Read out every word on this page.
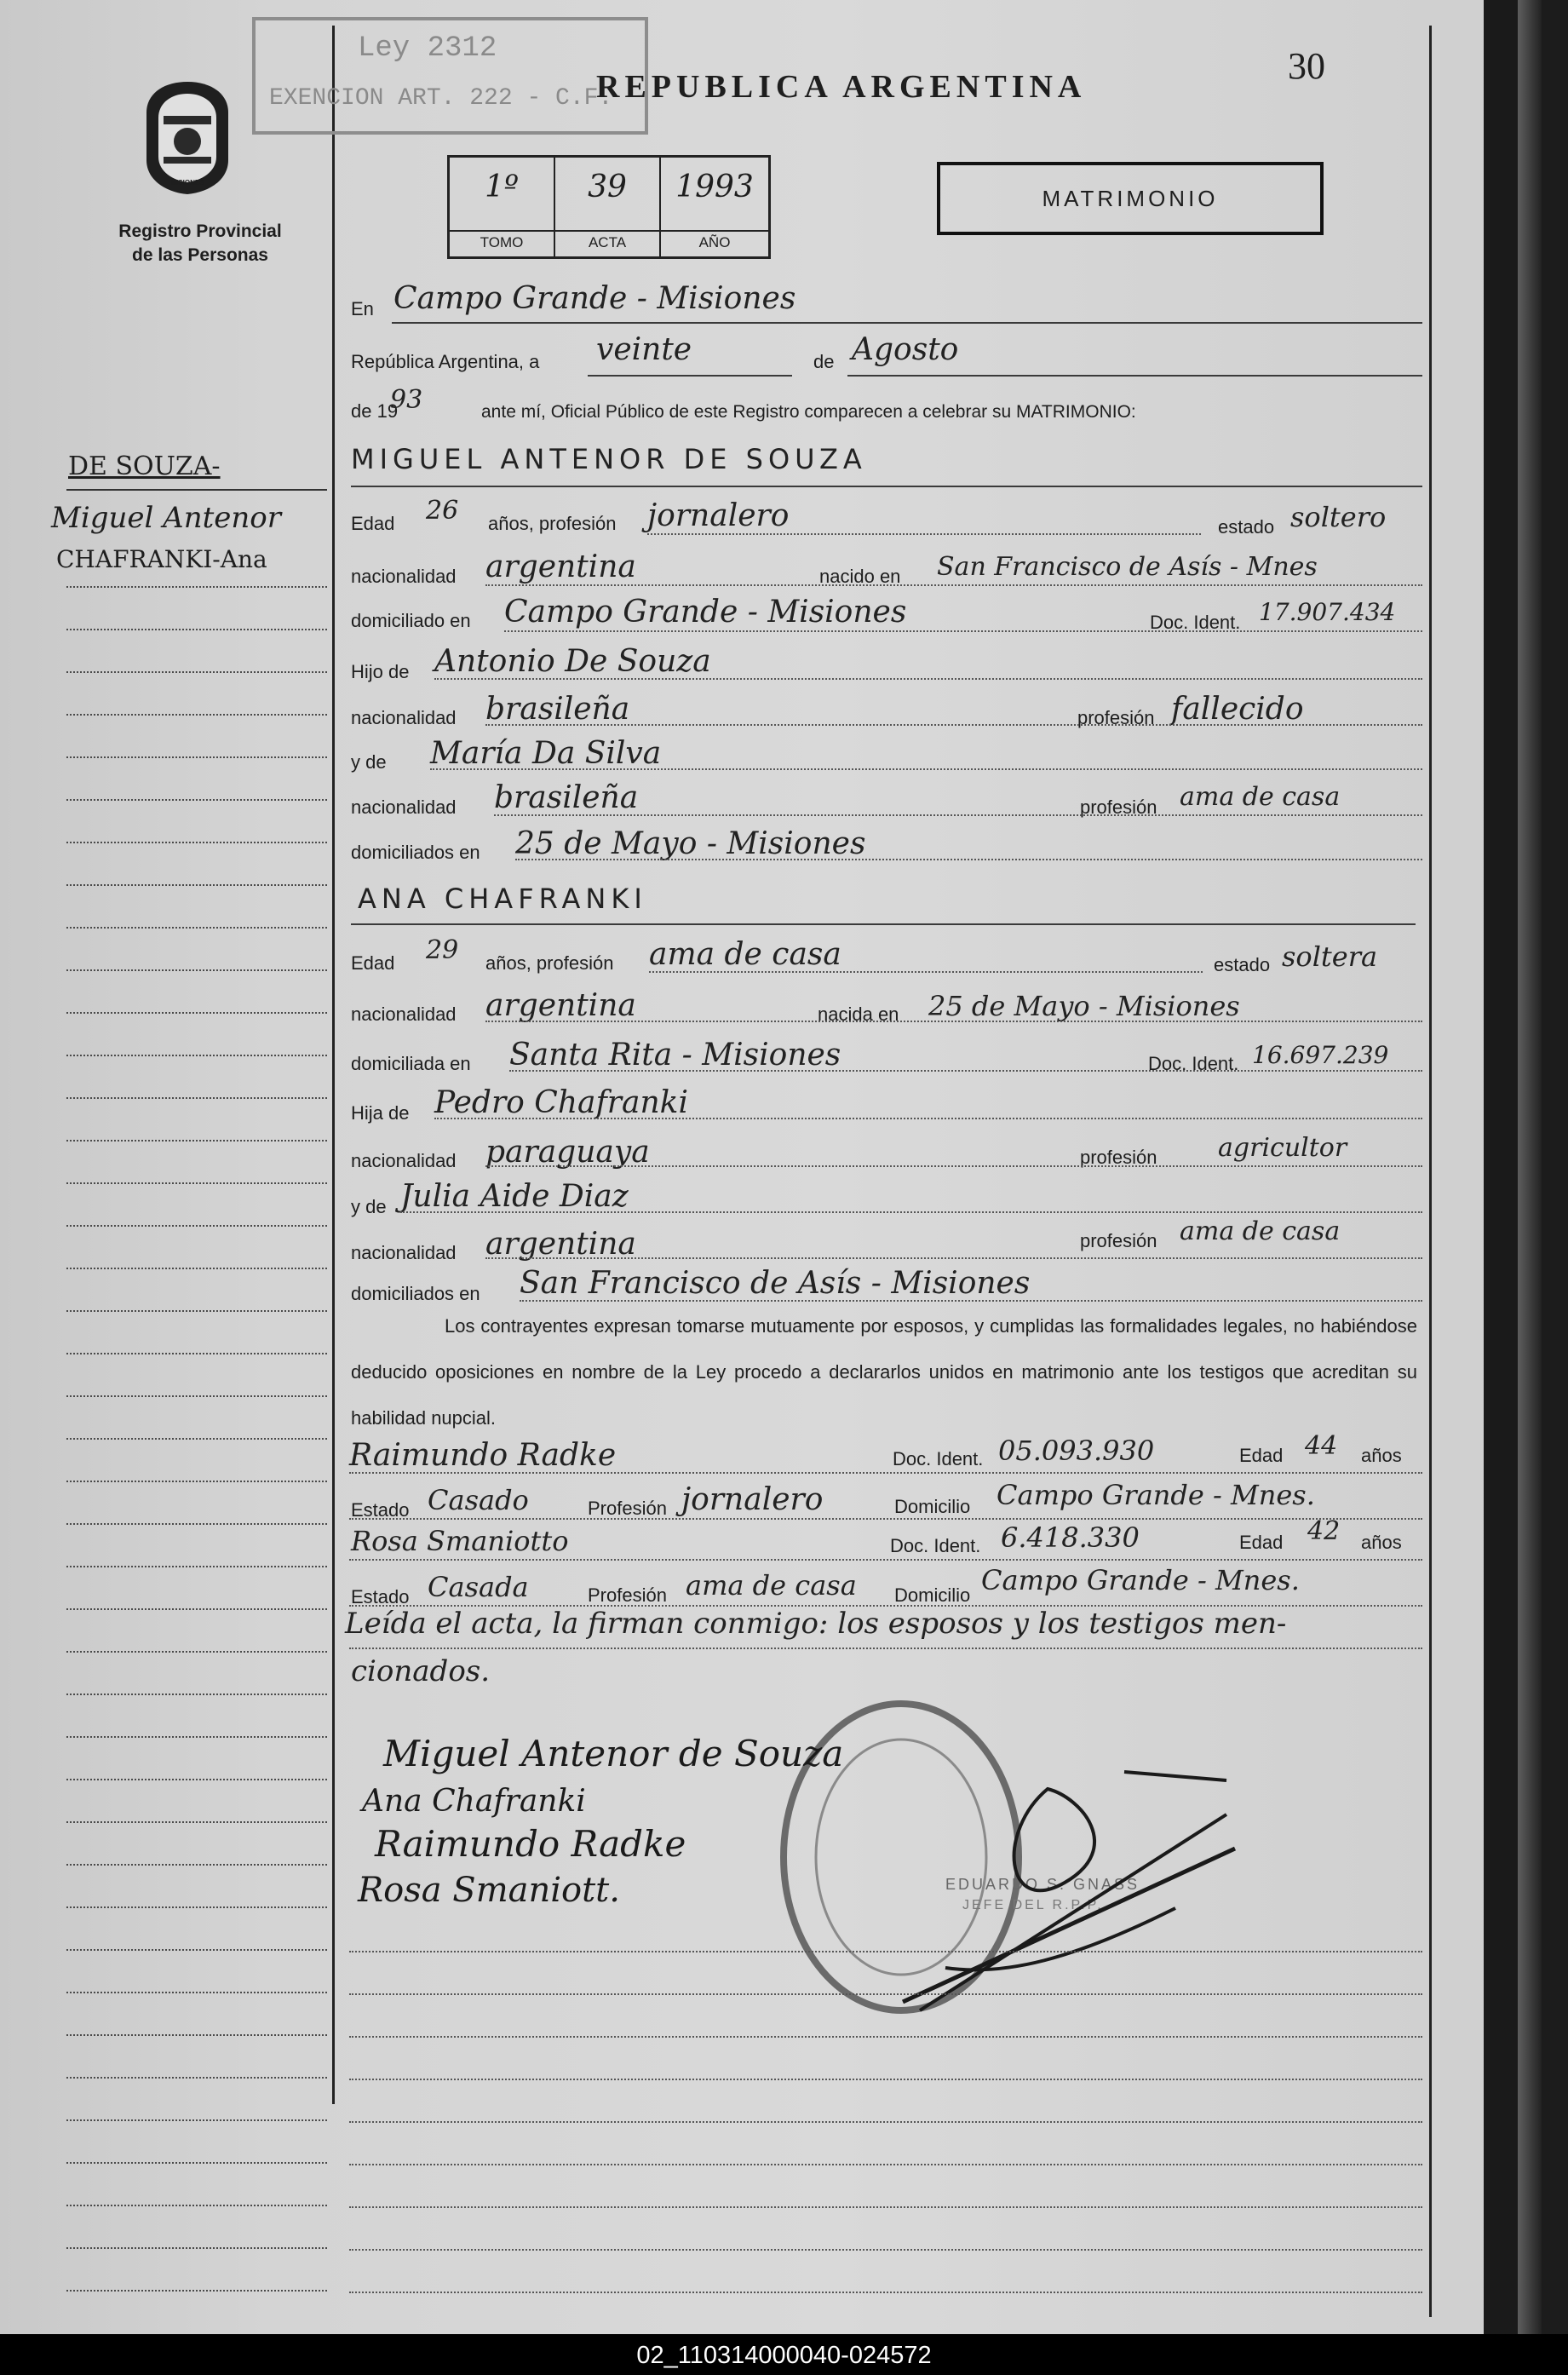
MISIONES
Registro Provincial
de las Personas
Ley 2312
EXENCION ART. 222 - C.F.
REPUBLICA ARGENTINA	30
1º
TOMO
39
ACTA
1993
AÑO
MATRIMONIO
DE SOUZA-
Miguel Antenor
CHAFRANKI-Ana
En Campo Grande - Misiones
República Argentina, a veinte	de Agosto
de 19
93	ante mí, Oficial Público de este Registro comparecen a celebrar su MATRIMONIO:
MIGUEL ANTENOR DE SOUZA
Edad 26 años, profesión jornalero	estado soltero
nacionalidad argentina	nacido en San Francisco de Asís - Mnes
domiciliado en Campo Grande - Misiones	Doc. Ident. 17.907.434
Hijo de Antonio De Souza
nacionalidad brasileña	profesión fallecido
y de María Da Silva
nacionalidad brasileña	profesión ama de casa
domiciliados en 25 de Mayo - Misiones
ANA CHAFRANKI
Edad 29 años, profesión ama de casa	estado soltera
nacionalidad argentina	nacida en 25 de Mayo - Misiones
domiciliada en Santa Rita - Misiones	Doc. Ident. 16.697.239
Hija de Pedro Chafranki
nacionalidad paraguaya	profesión agricultor
y de Julia Aide Diaz
nacionalidad argentina	profesión ama de casa
domiciliados en San Francisco de Asís - Misiones
Los contrayentes expresan tomarse mutuamente por esposos, y cumplidas las formalidades legales, no habiéndose deducido oposiciones en nombre de la Ley procedo a declararlos unidos en matrimonio ante los testigos que acreditan su habilidad nupcial.
Raimundo Radke	Doc. Ident. 05.093.930	Edad 44 años
Estado Casado	Profesión jornalero	Domicilio Campo Grande - Mnes.
Rosa Smaniotto	Doc. Ident. 6.418.330	Edad 42 años
Estado Casada	Profesión ama de casa Domicilio Campo Grande - Mnes.
Leída el acta, la firman conmigo: los esposos y los testigos men-
cionados.
EDUARDO S. GNASS
JEFE DEL R.P.P.
Miguel Antenor de Souza
Ana Chafranki
Raimundo Radke
Rosa Smaniott.
02_110314000040-024572
